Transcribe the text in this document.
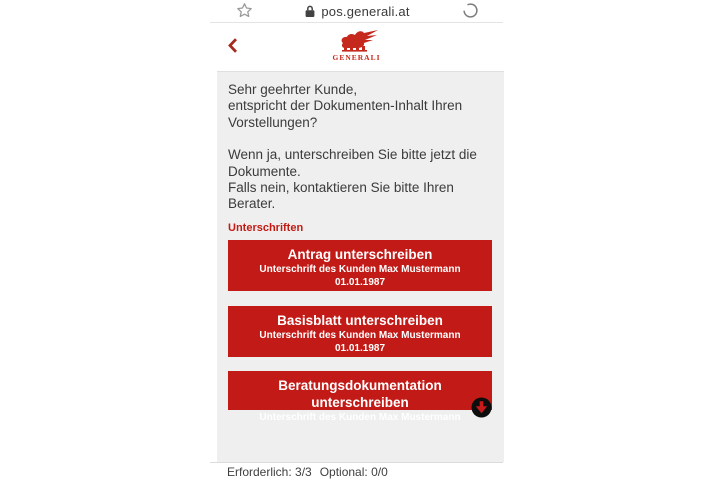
pos.generali.at
GENERALI
Sehr geehrter Kunde,
entspricht der Dokumenten-Inhalt Ihren
Vorstellungen?
Wenn ja, unterschreiben Sie bitte jetzt die
Dokumente.
Falls nein, kontaktieren Sie bitte Ihren Berater.
Unterschriften
Antrag unterschreiben
Unterschrift des Kunden Max Mustermann
01.01.1987
Basisblatt unterschreiben
Unterschrift des Kunden Max Mustermann
01.01.1987
Beratungsdokumentation unterschreiben
Unterschrift des Kunden Max Mustermann
Erforderlich: 3/3 Optional: 0/0
